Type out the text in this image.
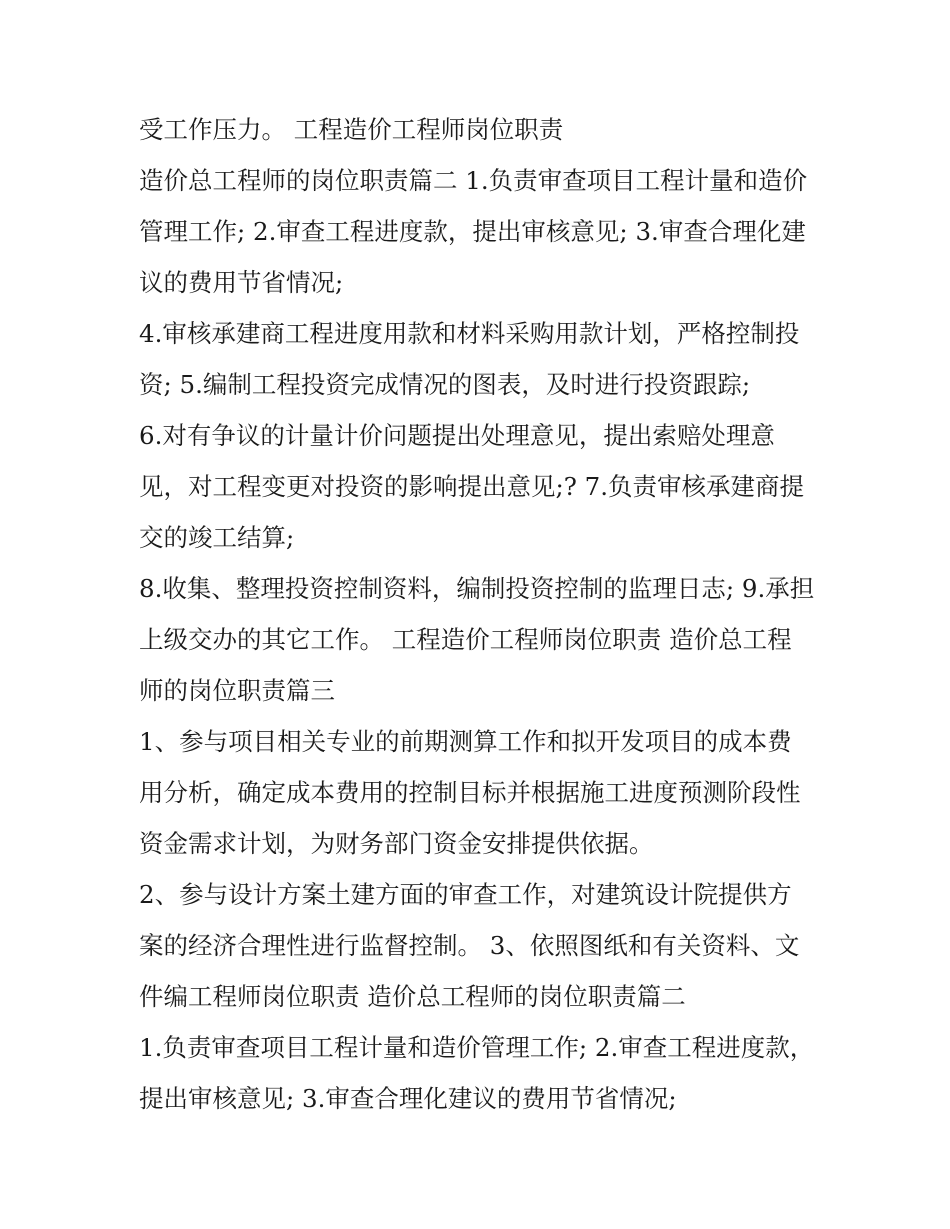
受工作压力。 工程造价工程师岗位职责
造价总工程师的岗位职责篇二 1.负责审查项目工程计量和造价
管理工作; 2.审查工程进度款，提出审核意见; 3.审查合理化建
议的费用节省情况;
4.审核承建商工程进度用款和材料采购用款计划，严格控制投
资; 5.编制工程投资完成情况的图表，及时进行投资跟踪;
6.对有争议的计量计价问题提出处理意见，提出索赔处理意
见，对工程变更对投资的影响提出意见;? 7.负责审核承建商提
交的竣工结算;
8.收集、整理投资控制资料，编制投资控制的监理日志; 9.承担
上级交办的其它工作。 工程造价工程师岗位职责 造价总工程
师的岗位职责篇三
1、参与项目相关专业的前期测算工作和拟开发项目的成本费
用分析，确定成本费用的控制目标并根据施工进度预测阶段性
资金需求计划，为财务部门资金安排提供依据。
2、参与设计方案土建方面的审查工作，对建筑设计院提供方
案的经济合理性进行监督控制。 3、依照图纸和有关资料、文
件编工程师岗位职责 造价总工程师的岗位职责篇二
1.负责审查项目工程计量和造价管理工作; 2.审查工程进度款，
提出审核意见; 3.审查合理化建议的费用节省情况;
